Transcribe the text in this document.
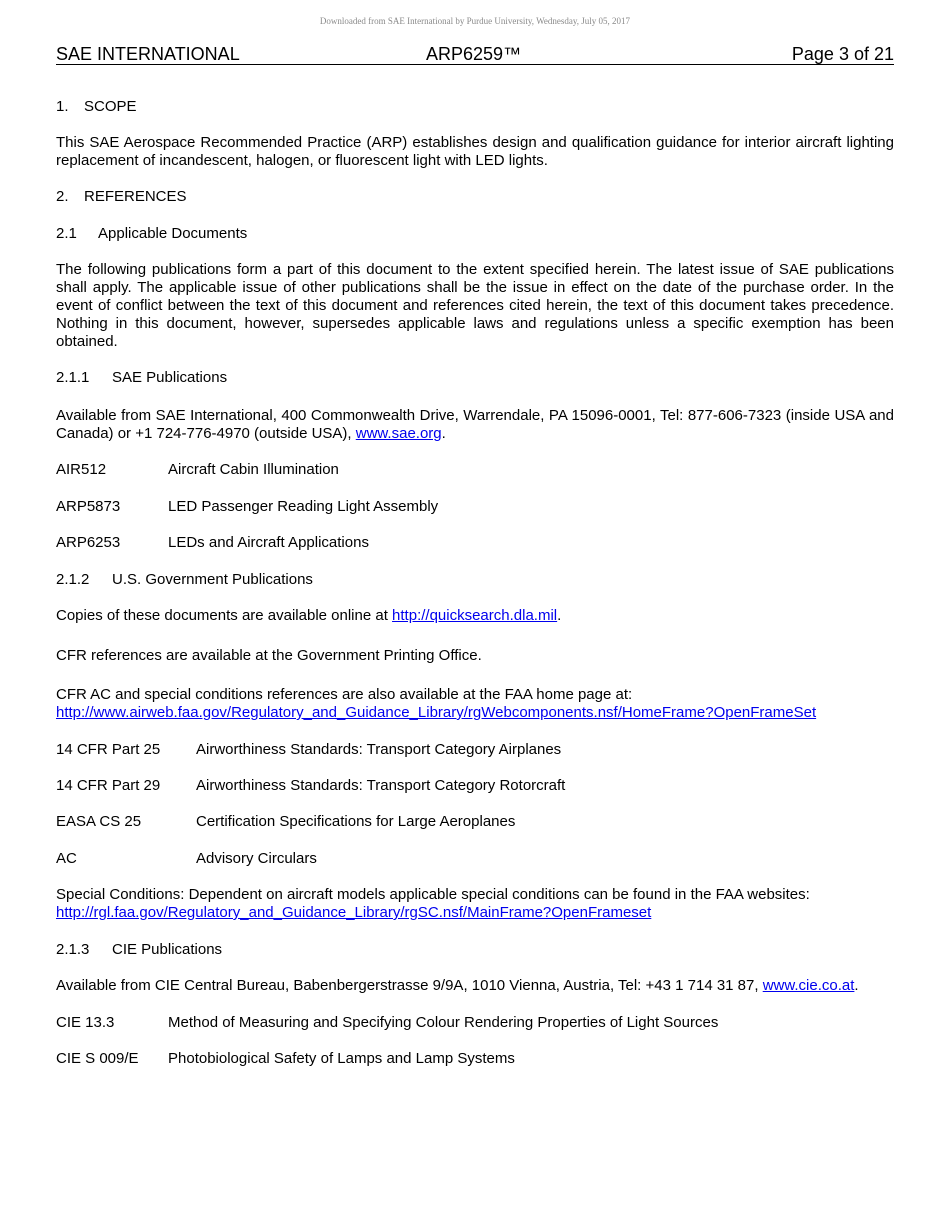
Downloaded from SAE International by Purdue University, Wednesday, July 05, 2017
SAE INTERNATIONAL	ARP6259™	Page 3 of 21
1. SCOPE
This SAE Aerospace Recommended Practice (ARP) establishes design and qualification guidance for interior aircraft lighting replacement of incandescent, halogen, or fluorescent light with LED lights.
2. REFERENCES
2.1 Applicable Documents
The following publications form a part of this document to the extent specified herein. The latest issue of SAE publications shall apply. The applicable issue of other publications shall be the issue in effect on the date of the purchase order. In the event of conflict between the text of this document and references cited herein, the text of this document takes precedence. Nothing in this document, however, supersedes applicable laws and regulations unless a specific exemption has been obtained.
2.1.1 SAE Publications
Available from SAE International, 400 Commonwealth Drive, Warrendale, PA 15096-0001, Tel: 877-606-7323 (inside USA and Canada) or +1 724-776-4970 (outside USA), www.sae.org.
AIR512	Aircraft Cabin Illumination
ARP5873	LED Passenger Reading Light Assembly
ARP6253	LEDs and Aircraft Applications
2.1.2 U.S. Government Publications
Copies of these documents are available online at http://quicksearch.dla.mil.
CFR references are available at the Government Printing Office.
CFR AC and special conditions references are also available at the FAA home page at:
http://www.airweb.faa.gov/Regulatory_and_Guidance_Library/rgWebcomponents.nsf/HomeFrame?OpenFrameSet
14 CFR Part 25 Airworthiness Standards: Transport Category Airplanes
14 CFR Part 29 Airworthiness Standards: Transport Category Rotorcraft
EASA CS 25	Certification Specifications for Large Aeroplanes
AC	Advisory Circulars
Special Conditions: Dependent on aircraft models applicable special conditions can be found in the FAA websites:
http://rgl.faa.gov/Regulatory_and_Guidance_Library/rgSC.nsf/MainFrame?OpenFrameset
2.1.3 CIE Publications
Available from CIE Central Bureau, Babenbergerstrasse 9/9A, 1010 Vienna, Austria, Tel: +43 1 714 31 87, www.cie.co.at.
CIE 13.3	Method of Measuring and Specifying Colour Rendering Properties of Light Sources
CIE S 009/E Photobiological Safety of Lamps and Lamp Systems
